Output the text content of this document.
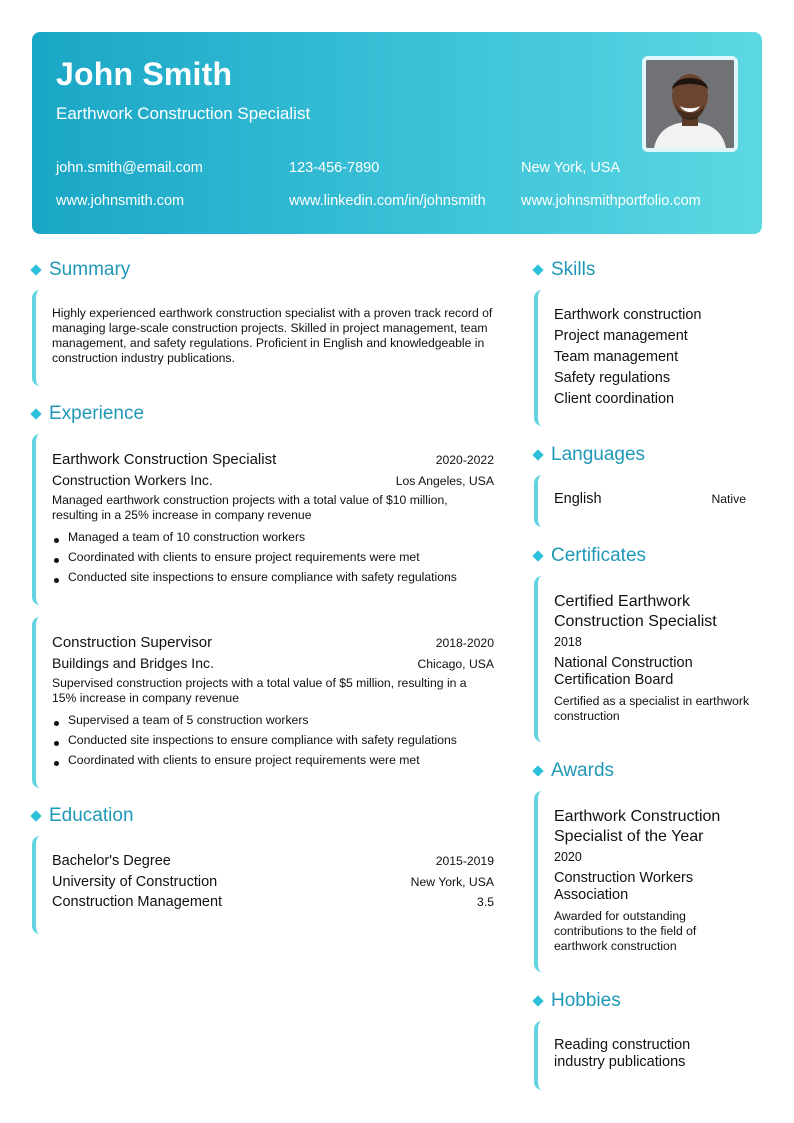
John Smith
Earthwork Construction Specialist
john.smith@email.com	123-456-7890	New York, USA
www.johnsmith.com	www.linkedin.com/in/johnsmith www.johnsmithportfolio.com
Summary
Highly experienced earthwork construction specialist with a proven track record of managing large-scale construction projects. Skilled in project management, team management, and safety regulations. Proficient in English and knowledgeable in construction industry publications.
Experience
Earthwork Construction Specialist	2020-2022
Construction Workers Inc.	Los Angeles, USA
Managed earthwork construction projects with a total value of $10 million, resulting in a 25% increase in company revenue
Managed a team of 10 construction workers
Coordinated with clients to ensure project requirements were met
Conducted site inspections to ensure compliance with safety regulations
Construction Supervisor	2018-2020
Buildings and Bridges Inc.	Chicago, USA
Supervised construction projects with a total value of $5 million, resulting in a 15% increase in company revenue
Supervised a team of 5 construction workers
Conducted site inspections to ensure compliance with safety regulations
Coordinated with clients to ensure project requirements were met
Education
Bachelor's Degree	2015-2019
University of Construction	New York, USA
Construction Management	3.5
Skills
Earthwork construction
Project management
Team management
Safety regulations
Client coordination
Languages
English	Native
Certificates
Certified Earthwork Construction Specialist
2018
National Construction Certification Board
Certified as a specialist in earthwork construction
Awards
Earthwork Construction Specialist of the Year
2020
Construction Workers Association
Awarded for outstanding contributions to the field of earthwork construction
Hobbies
Reading construction industry publications
